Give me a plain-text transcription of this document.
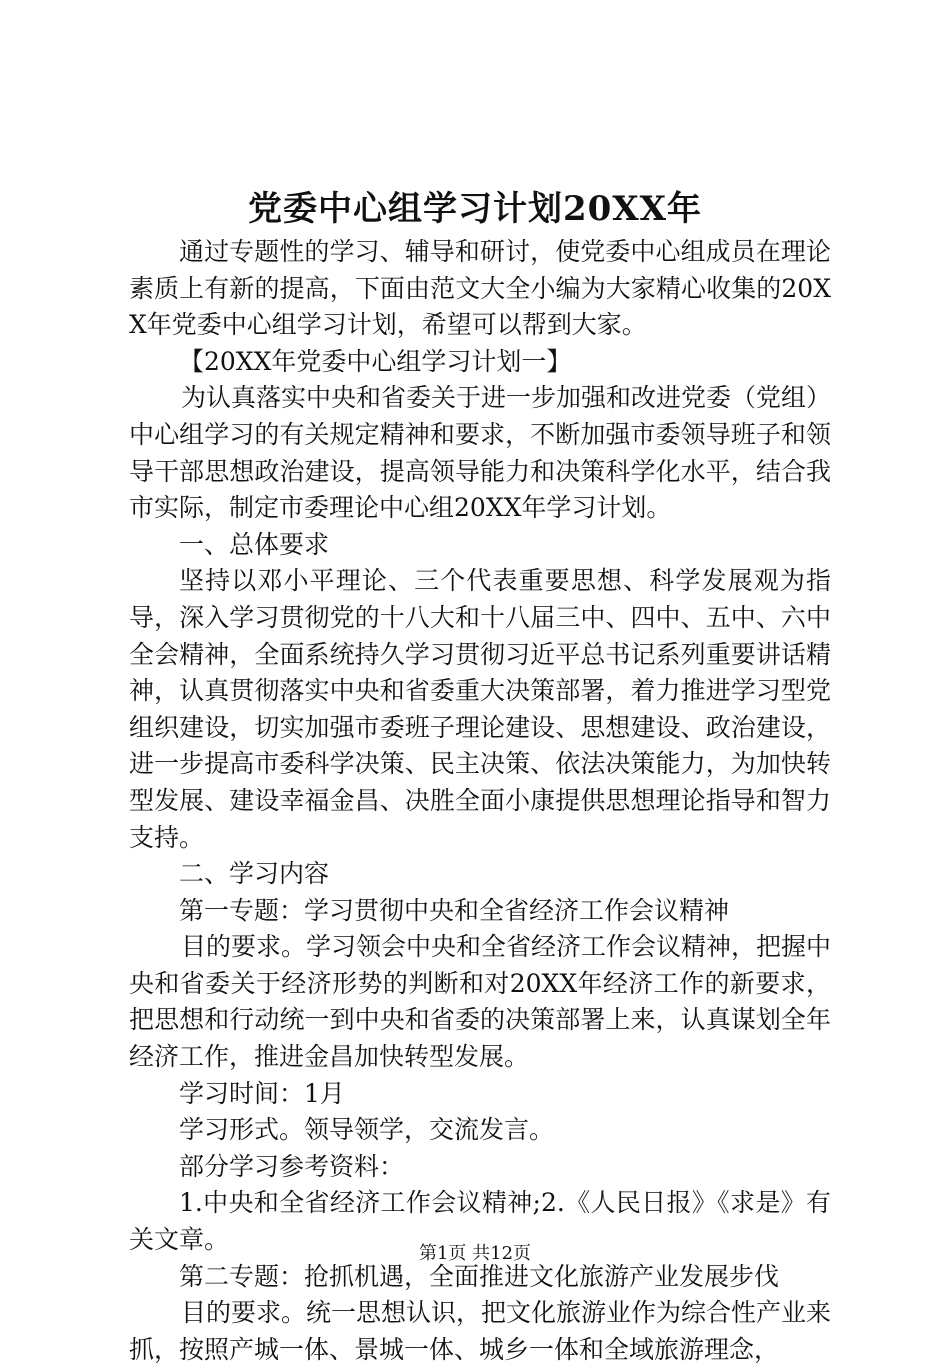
党委中心组学习计划20XX年

通过专题性的学习、辅导和研讨，使党委中心组成员在理论素质上有新的提高，下面由范文大全小编为大家精心收集的20XX年党委中心组学习计划，希望可以帮到大家。

【20XX年党委中心组学习计划一】

为认真落实中央和省委关于进一步加强和改进党委（党组）中心组学习的有关规定精神和要求，不断加强市委领导班子和领导干部思想政治建设，提高领导能力和决策科学化水平，结合我市实际，制定市委理论中心组20XX年学习计划。

一、总体要求

坚持以邓小平理论、三个代表重要思想、科学发展观为指导，深入学习贯彻党的十八大和十八届三中、四中、五中、六中全会精神，全面系统持久学习贯彻习近平总书记系列重要讲话精神，认真贯彻落实中央和省委重大决策部署，着力推进学习型党组织建设，切实加强市委班子理论建设、思想建设、政治建设，进一步提高市委科学决策、民主决策、依法决策能力，为加快转型发展、建设幸福金昌、决胜全面小康提供思想理论指导和智力支持。

二、学习内容

第一专题：学习贯彻中央和全省经济工作会议精神

目的要求。学习领会中央和全省经济工作会议精神，把握中央和省委关于经济形势的判断和对20XX年经济工作的新要求，把思想和行动统一到中央和省委的决策部署上来，认真谋划全年经济工作，推进金昌加快转型发展。

学习时间：1月

学习形式。领导领学，交流发言。

部分学习参考资料：

1.中央和全省经济工作会议精神;2.《人民日报》《求是》有关文章。

第二专题：抢抓机遇，全面推进文化旅游产业发展步伐

目的要求。统一思想认识，把文化旅游业作为综合性产业来抓，按照产城一体、景城一体、城乡一体和全域旅游理念，

第1页 共12页
